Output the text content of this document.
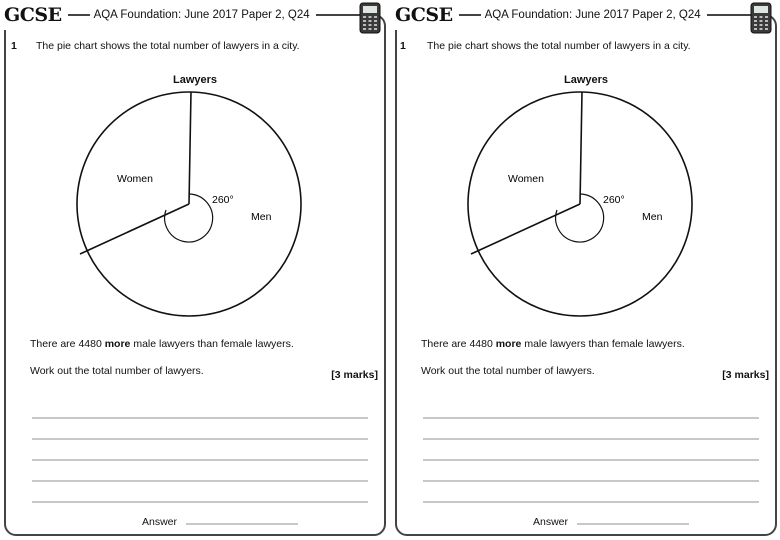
1 The pie chart shows the total number of lawyers in a city.
Lawyers
Women
Men
260°
There are 4480 more male lawyers than female lawyers.
Work out the total number of lawyers.	[3 marks]
Answer
1 The pie chart shows the total number of lawyers in a city.
Lawyers
Women
Men
260°
There are 4480 more male lawyers than female lawyers.
Work out the total number of lawyers.	[3 marks]
Answer
GCSE	AQA Foundation: June 2017 Paper 2, Q24	GCSE	AQA Foundation: June 2017 Paper 2, Q24
